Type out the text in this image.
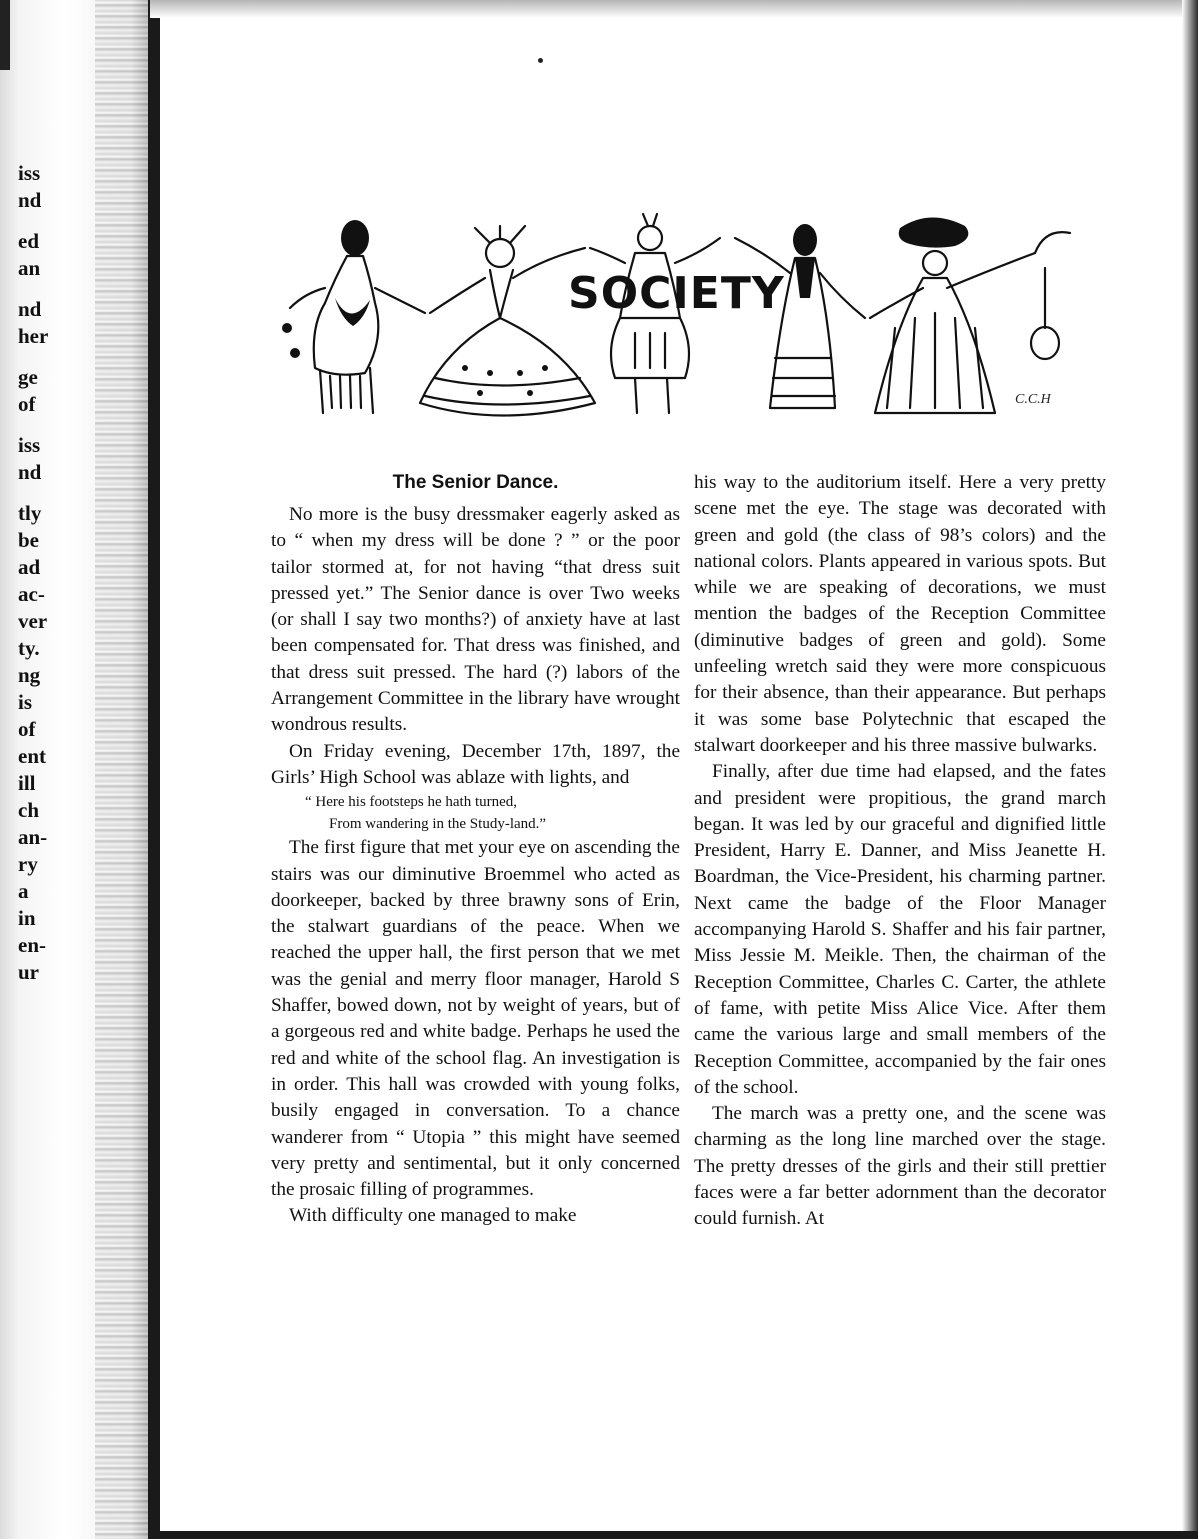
iss
nd
ed
an
nd
her
ge
of
iss
nd
tly
be
ad
ac-
ver
ty.
ng
is
of
ent
ill
ch
an-
ry
a
in
en-
ur
SOCIETY
C.C.H
The Senior Dance.

No more is the busy dressmaker eagerly asked as to “ when my dress will be done ? ” or the poor tailor stormed at, for not having “that dress suit pressed yet.” The Senior dance is over Two weeks (or shall I say two months?) of anxiety have at last been compensated for. That dress was finished, and that dress suit pressed. The hard (?) labors of the Arrangement Committee in the library have wrought wondrous results.

On Friday evening, December 17th, 1897, the Girls’ High School was ablaze with lights, and

“ Here his footsteps he hath turned,
From wandering in the Study-land.”

The first figure that met your eye on ascending the stairs was our diminutive Broemmel who acted as doorkeeper, backed by three brawny sons of Erin, the stalwart guardians of the peace. When we reached the upper hall, the first person that we met was the genial and merry floor manager, Harold S Shaffer, bowed down, not by weight of years, but of a gorgeous red and white badge. Perhaps he used the red and white of the school flag. An investigation is in order. This hall was crowded with young folks, busily engaged in conversation. To a chance wanderer from “ Utopia ” this might have seemed very pretty and sentimental, but it only concerned the prosaic filling of programmes.

With difficulty one managed to make

his way to the auditorium itself. Here a very pretty scene met the eye. The stage was decorated with green and gold (the class of 98’s colors) and the national colors. Plants appeared in various spots. But while we are speaking of decorations, we must mention the badges of the Reception Committee (diminutive badges of green and gold). Some unfeeling wretch said they were more conspicuous for their absence, than their appearance. But perhaps it was some base Polytechnic that escaped the stalwart doorkeeper and his three massive bulwarks.

Finally, after due time had elapsed, and the fates and president were propitious, the grand march began. It was led by our graceful and dignified little President, Harry E. Danner, and Miss Jeanette H. Boardman, the Vice-President, his charming partner. Next came the badge of the Floor Manager accompanying Harold S. Shaffer and his fair partner, Miss Jessie M. Meikle. Then, the chairman of the Reception Committee, Charles C. Carter, the athlete of fame, with petite Miss Alice Vice. After them came the various large and small members of the Reception Committee, accompanied by the fair ones of the school.

The march was a pretty one, and the scene was charming as the long line marched over the stage. The pretty dresses of the girls and their still prettier faces were a far better adornment than the decorator could furnish. At
